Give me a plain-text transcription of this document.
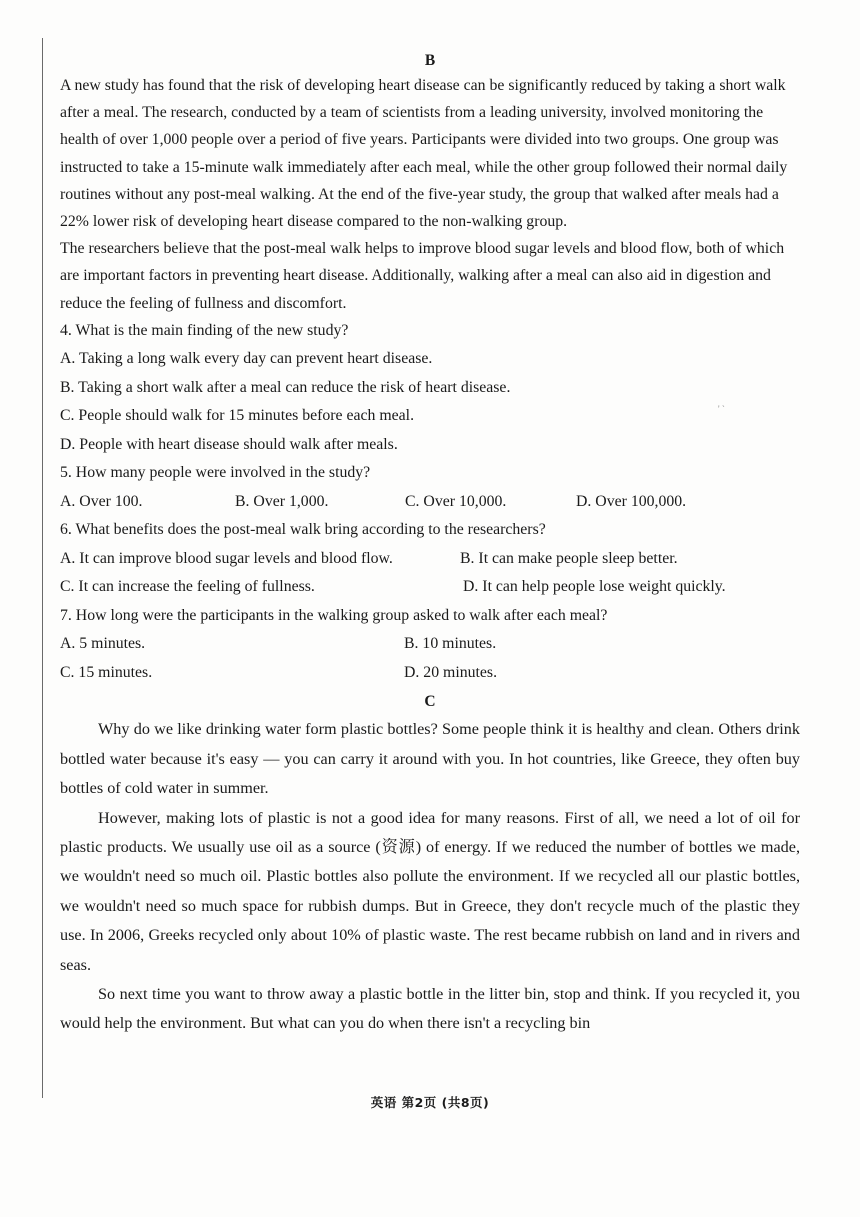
' `
B

A new study has found that the risk of developing heart disease can be significantly reduced by taking a short walk after a meal. The research, conducted by a team of scientists from a leading university, involved monitoring the health of over 1,000 people over a period of five years. Participants were divided into two groups. One group was instructed to take a 15-minute walk immediately after each meal, while the other group followed their normal daily routines without any post-meal walking. At the end of the five-year study, the group that walked after meals had a 22% lower risk of developing heart disease compared to the non-walking group.

The researchers believe that the post-meal walk helps to improve blood sugar levels and blood flow, both of which are important factors in preventing heart disease. Additionally, walking after a meal can also aid in digestion and reduce the feeling of fullness and discomfort.

4. What is the main finding of the new study?

A. Taking a long walk every day can prevent heart disease.

B. Taking a short walk after a meal can reduce the risk of heart disease.

C. People should walk for 15 minutes before each meal.

D. People with heart disease should walk after meals.

5. How many people were involved in the study?

A. Over 100.	B. Over 1,000.	C. Over 10,000.	D. Over 100,000.

6. What benefits does the post-meal walk bring according to the researchers?

A. It can improve blood sugar levels and blood flow.	B. It can make people sleep better.
C. It can increase the feeling of fullness.	D. It can help people lose weight quickly.

7. How long were the participants in the walking group asked to walk after each meal?

A. 5 minutes.	B. 10 minutes.
C. 15 minutes.	D. 20 minutes.
C

Why do we like drinking water form plastic bottles? Some people think it is healthy and clean. Others drink bottled water because it's easy — you can carry it around with you. In hot countries, like Greece, they often buy bottles of cold water in summer.

However, making lots of plastic is not a good idea for many reasons. First of all, we need a lot of oil for plastic products. We usually use oil as a source (资源) of energy. If we reduced the number of bottles we made, we wouldn't need so much oil. Plastic bottles also pollute the environment. If we recycled all our plastic bottles, we wouldn't need so much space for rubbish dumps. But in Greece, they don't recycle much of the plastic they use. In 2006, Greeks recycled only about 10% of plastic waste. The rest became rubbish on land and in rivers and seas.

So next time you want to throw away a plastic bottle in the litter bin, stop and think. If you recycled it, you would help the environment. But what can you do when there isn't a recycling bin

英语 第2页 (共8页)
